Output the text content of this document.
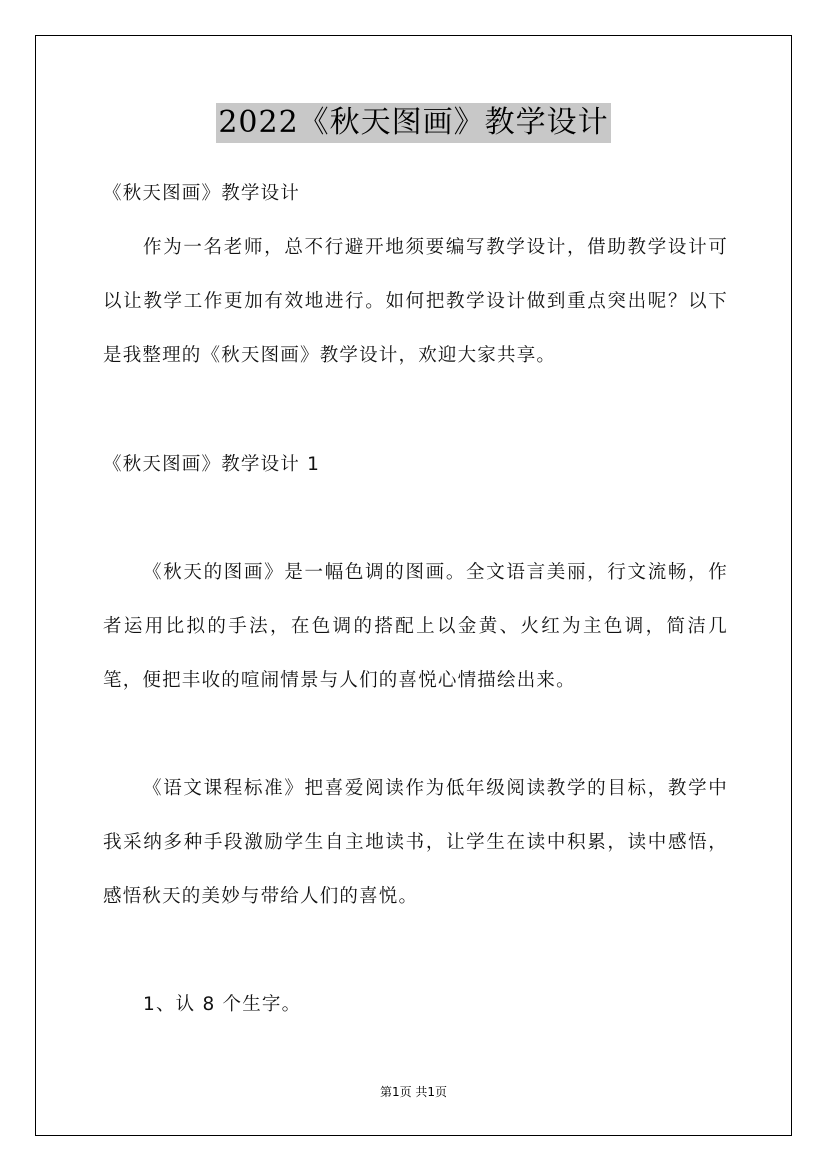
2022《秋天图画》教学设计
《秋天图画》教学设计
作为一名老师，总不行避开地须要编写教学设计，借助教学设计可以让教学工作更加有效地进行。如何把教学设计做到重点突出呢？以下是我整理的《秋天图画》教学设计，欢迎大家共享。
《秋天图画》教学设计 1
《秋天的图画》是一幅色调的图画。全文语言美丽，行文流畅，作者运用比拟的手法，在色调的搭配上以金黄、火红为主色调，简洁几笔，便把丰收的喧闹情景与人们的喜悦心情描绘出来。
《语文课程标准》把喜爱阅读作为低年级阅读教学的目标，教学中我采纳多种手段激励学生自主地读书，让学生在读中积累，读中感悟，感悟秋天的美妙与带给人们的喜悦。
1、认 8 个生字。
第1页 共1页
